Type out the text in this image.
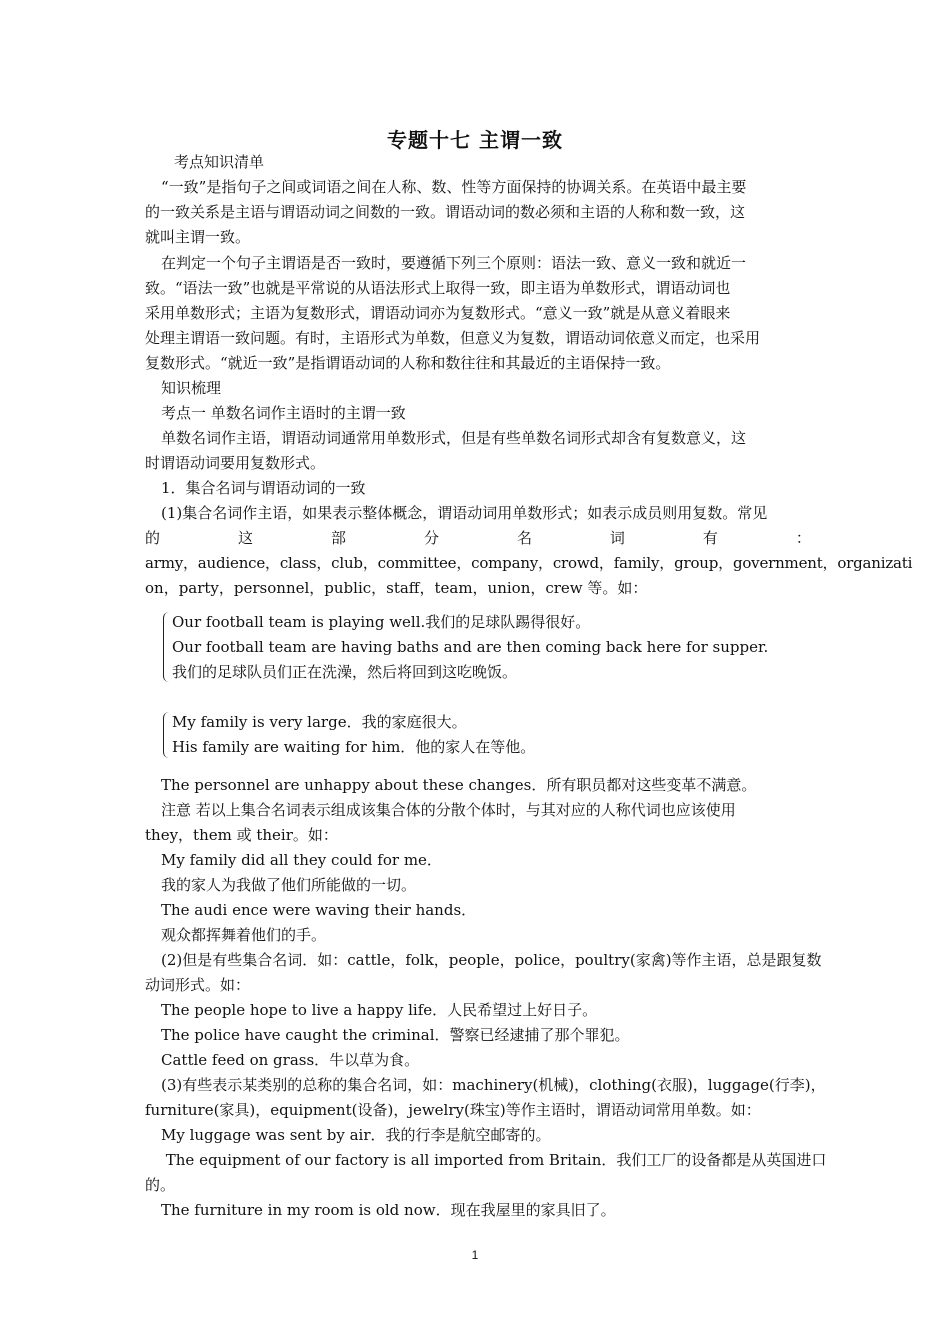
专题十七 主谓一致
考点知识清单
“一致”是指句子之间或词语之间在人称、数、性等方面保持的协调关系。在英语中最主要
的一致关系是主语与谓语动词之间数的一致。谓语动词的数必须和主语的人称和数一致，这
就叫主谓一致。
在判定一个句子主谓语是否一致时，要遵循下列三个原则：语法一致、意义一致和就近一
致。“语法一致”也就是平常说的从语法形式上取得一致，即主语为单数形式，谓语动词也
采用单数形式；主语为复数形式，谓语动词亦为复数形式。“意义一致”就是从意义着眼来
处理主谓语一致问题。有时，主语形式为单数，但意义为复数，谓语动词依意义而定，也采用
复数形式。“就近一致”是指谓语动词的人称和数往往和其最近的主语保持一致。
知识梳理
考点一 单数名词作主语时的主谓一致
单数名词作主语，谓语动词通常用单数形式，但是有些单数名词形式却含有复数意义，这
时谓语动词要用复数形式。
1．集合名词与谓语动词的一致
(1)集合名词作主语，如果表示整体概念，谓语动词用单数形式；如表示成员则用复数。常见
的	这	部	分	名	词	有	：
army，audience，class，club，committee，company，crowd，family，group，government，organizati
on，party，personnel，public，staff，team，union，crew 等。如：
Our football team is playing well.我们的足球队踢得很好。
Our football team are having baths and are then coming back here for supper.
我们的足球队员们正在洗澡，然后将回到这吃晚饭。
My family is very large．我的家庭很大。
His family are waiting for him．他的家人在等他。
The personnel are unhappy about these changes．所有职员都对这些变革不满意。
注意 若以上集合名词表示组成该集合体的分散个体时，与其对应的人称代词也应该使用
they，them 或 their。如：
My family did all they could for me．
我的家人为我做了他们所能做的一切。
The audi ence were waving their hands．
观众都挥舞着他们的手。
(2)但是有些集合名词．如：cattle，folk，people，police，poultry(家禽)等作主语，总是跟复数
动词形式。如：
The people hope to live a happy life．人民希望过上好日子。
The police have caught the criminal．警察已经逮捕了那个罪犯。
Cattle feed on grass．牛以草为食。
(3)有些表示某类别的总称的集合名词，如：machinery(机械)，clothing(衣服)，luggage(行李)，
furniture(家具)，equipment(设备)，jewelry(珠宝)等作主语时，谓语动词常用单数。如：
My luggage was sent by air．我的行李是航空邮寄的。
The equipment of our factory is all imported from Britain．我们工厂的设备都是从英国进口
的。
The furniture in my room is old now．现在我屋里的家具旧了。
1
